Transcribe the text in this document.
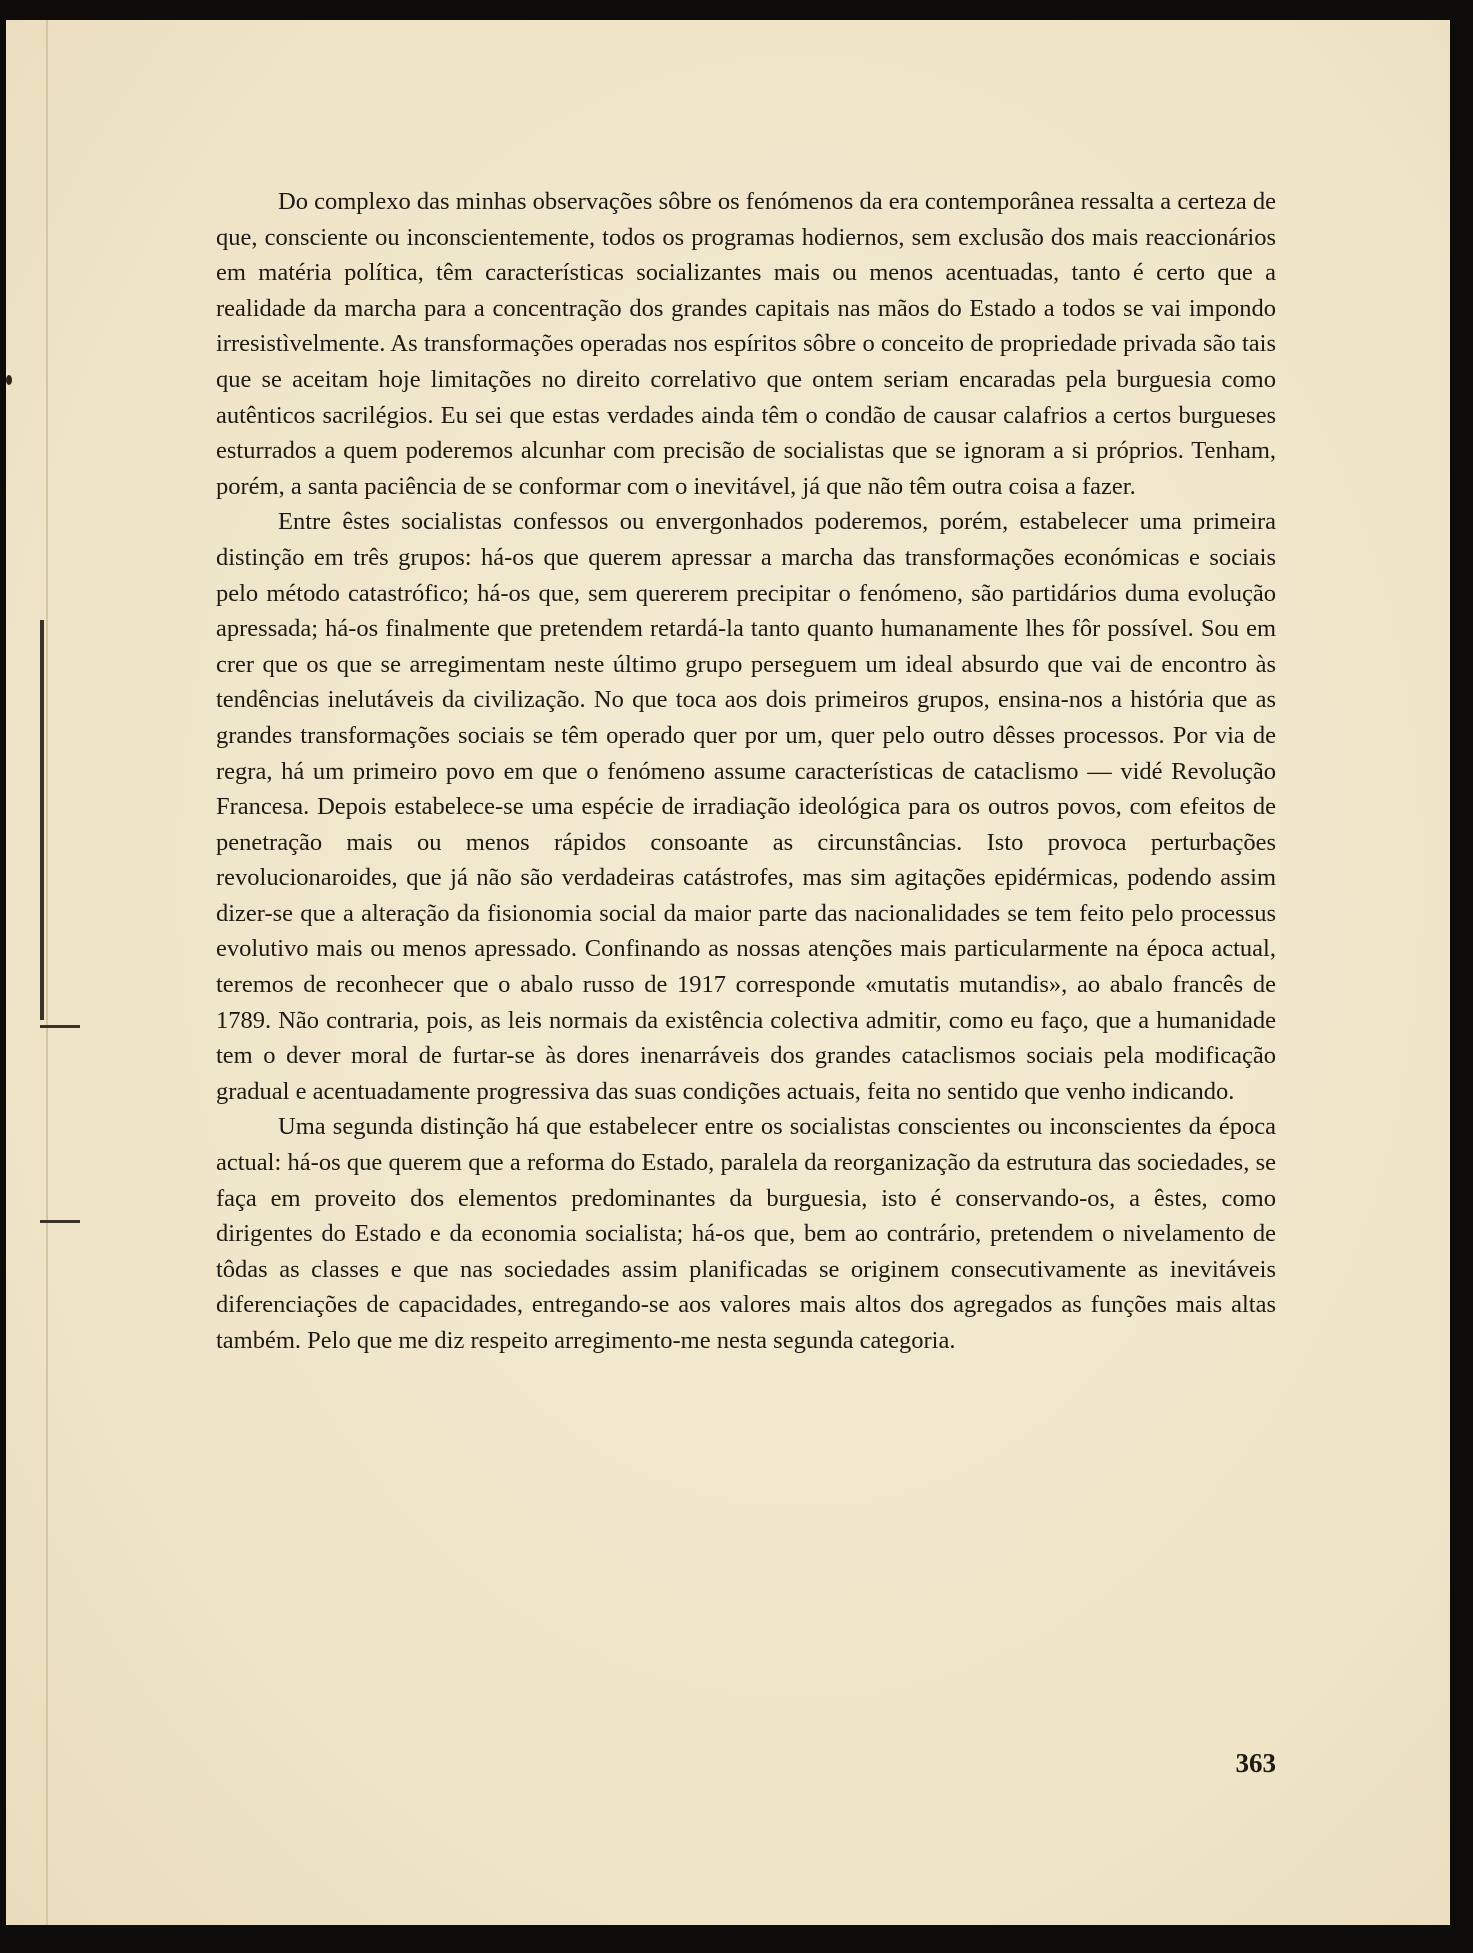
Do complexo das minhas observações sôbre os fenómenos da era contemporânea ressalta a certeza de que, consciente ou inconscientemente, todos os programas hodiernos, sem exclusão dos mais reaccionários em matéria política, têm características socializantes mais ou menos acentuadas, tanto é certo que a realidade da marcha para a concentração dos grandes capitais nas mãos do Estado a todos se vai impondo irresistìvelmente. As transformações operadas nos espíritos sôbre o conceito de propriedade privada são tais que se aceitam hoje limitações no direito correlativo que ontem seriam encaradas pela burguesia como autênticos sacrilégios. Eu sei que estas verdades ainda têm o condão de causar calafrios a certos burgueses esturrados a quem poderemos alcunhar com precisão de socialistas que se ignoram a si próprios. Tenham, porém, a santa paciência de se conformar com o inevitável, já que não têm outra coisa a fazer.

Entre êstes socialistas confessos ou envergonhados poderemos, porém, estabelecer uma primeira distinção em três grupos: há-os que querem apressar a marcha das transformações económicas e sociais pelo método catastrófico; há-os que, sem quererem precipitar o fenómeno, são partidários duma evolução apressada; há-os finalmente que pretendem retardá-la tanto quanto humanamente lhes fôr possível. Sou em crer que os que se arregimentam neste último grupo perseguem um ideal absurdo que vai de encontro às tendências inelutáveis da civilização. No que toca aos dois primeiros grupos, ensina-nos a história que as grandes transformações sociais se têm operado quer por um, quer pelo outro dêsses processos. Por via de regra, há um primeiro povo em que o fenómeno assume características de cataclismo — vidé Revolução Francesa. Depois estabelece-se uma espécie de irradiação ideológica para os outros povos, com efeitos de penetração mais ou menos rápidos consoante as circunstâncias. Isto provoca perturbações revolucionaroides, que já não são verdadeiras catástrofes, mas sim agitações epidérmicas, podendo assim dizer-se que a alteração da fisionomia social da maior parte das nacionalidades se tem feito pelo processus evolutivo mais ou menos apressado. Confinando as nossas atenções mais particularmente na época actual, teremos de reconhecer que o abalo russo de 1917 corresponde «mutatis mutandis», ao abalo francês de 1789. Não contraria, pois, as leis normais da existência colectiva admitir, como eu faço, que a humanidade tem o dever moral de furtar-se às dores inenarráveis dos grandes cataclismos sociais pela modificação gradual e acentuadamente progressiva das suas condições actuais, feita no sentido que venho indicando.

Uma segunda distinção há que estabelecer entre os socialistas conscientes ou inconscientes da época actual: há-os que querem que a reforma do Estado, paralela da reorganização da estrutura das sociedades, se faça em proveito dos elementos predominantes da burguesia, isto é conservando-os, a êstes, como dirigentes do Estado e da economia socialista; há-os que, bem ao contrário, pretendem o nivelamento de tôdas as classes e que nas sociedades assim planificadas se originem consecutivamente as inevitáveis diferenciações de capacidades, entregando-se aos valores mais altos dos agregados as funções mais altas também. Pelo que me diz respeito arregimento-me nesta segunda categoria.

363
